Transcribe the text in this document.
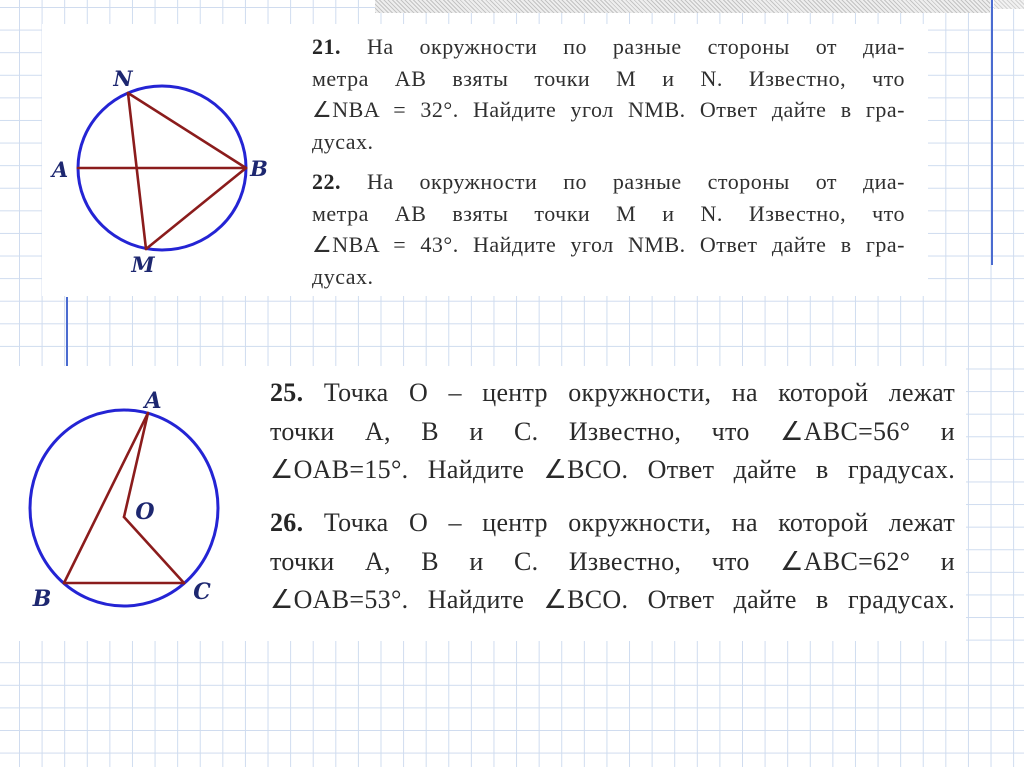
N
A	B
M
21. На окружности по разные стороны от диа-
метра AB взяты точки M и N. Известно, что
∠NBA = 32°. Найдите угол NMB. Ответ дайте в гра-
дусах.
22. На окружности по разные стороны от диа-
метра AB взяты точки M и N. Известно, что
∠NBA = 43°. Найдите угол NMB. Ответ дайте в гра-
дусах.
A
O
B	C
25. Точка O – центр окружности, на которой лежат
точки A, B и C. Известно, что ∠ABC=56° и
∠OAB=15°. Найдите ∠BCO. Ответ дайте в градусах.
26. Точка O – центр окружности, на которой лежат
точки A, B и C. Известно, что ∠ABC=62° и
∠OAB=53°. Найдите ∠BCO. Ответ дайте в градусах.
